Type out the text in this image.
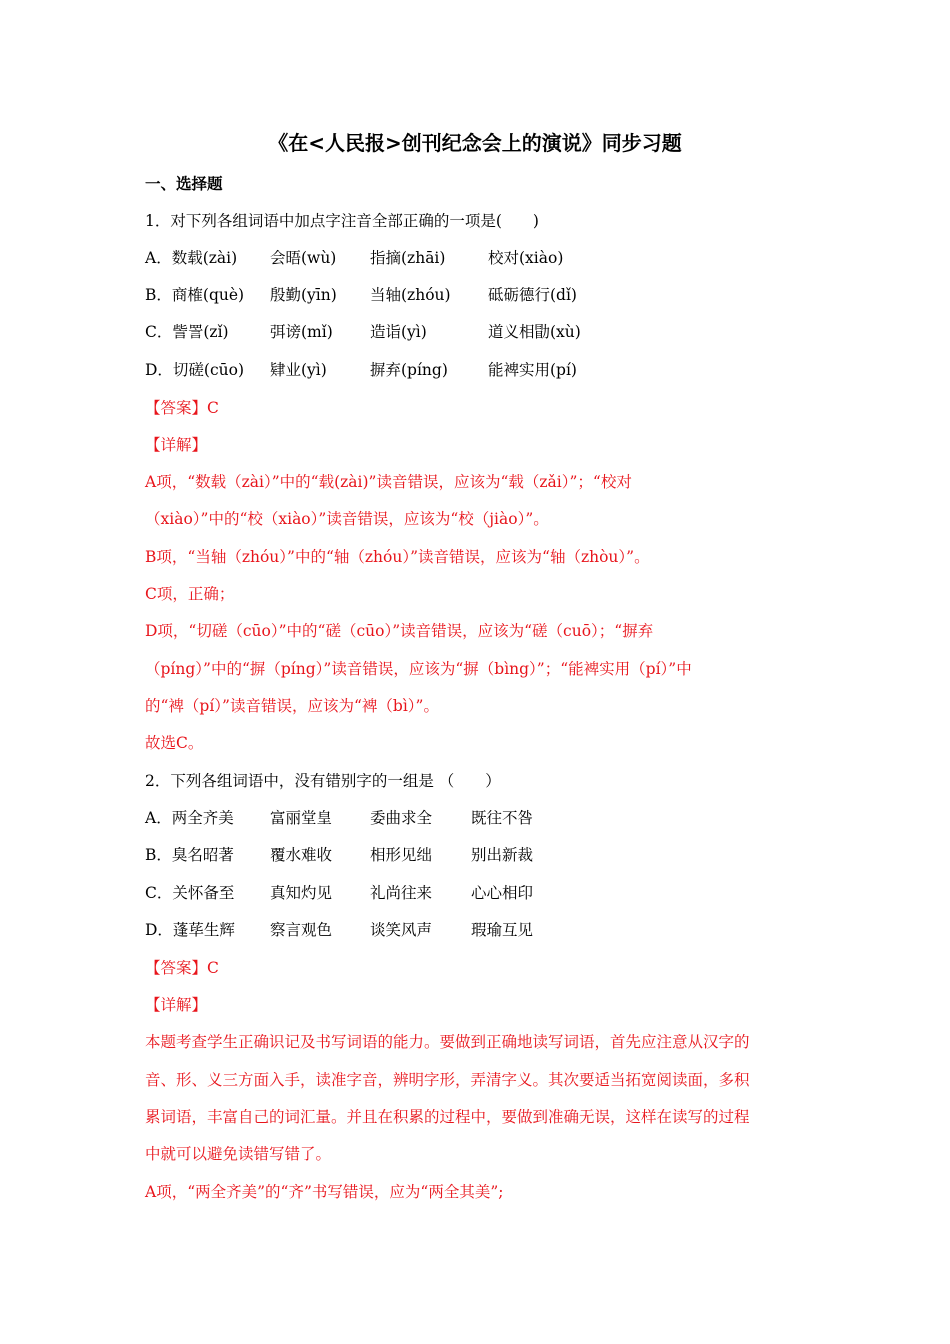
《在<人民报>创刊纪念会上的演说》同步习题
一、选择题
1．对下列各组词语中加点字注音全部正确的一项是(　　)
A．数载(zài) 会晤(wù) 指摘(zhāi)	校对(xiào)
B．商榷(què) 殷勤(yīn) 当轴(zhóu) 砥砺德行(dǐ)
C．訾詈(zǐ)	弭谤(mǐ) 造诣(yì)	道义相勖(xù)
D．切磋(cūo) 肄业(yì)	摒弃(píng)	能裨实用(pí)
【答案】C
【详解】
A项，“数载（zài）”中的“载(zài)”读音错误，应该为“载（zǎi）”；“校对
（xiào）”中的“校（xiào）”读音错误，应该为“校（jiào）”。
B项，“当轴（zhóu）”中的“轴（zhóu）”读音错误，应该为“轴（zhòu）”。
C项，正确；
D项，“切磋（cūo）”中的“磋（cūo）”读音错误，应该为“磋（cuō）；“摒弃
（píng）”中的“摒（píng）”读音错误，应该为“摒（bìng）”；“能裨实用（pí）”中
的“裨（pí）”读音错误，应该为“裨（bì）”。
故选C。
2．下列各组词语中，没有错别字的一组是 （　　）
A．两全齐美 富丽堂皇 委曲求全	既往不咎
B．臭名昭著 覆水难收 相形见绌	别出新裁
C．关怀备至 真知灼见 礼尚往来	心心相印
D．蓬荜生辉 察言观色 谈笑风声	瑕瑜互见
【答案】C
【详解】
本题考查学生正确识记及书写词语的能力。要做到正确地读写词语，首先应注意从汉字的
音、形、义三方面入手，读准字音，辨明字形，弄清字义。其次要适当拓宽阅读面，多积
累词语，丰富自己的词汇量。并且在积累的过程中，要做到准确无误，这样在读写的过程
中就可以避免读错写错了。
A项，“两全齐美”的“齐”书写错误，应为“两全其美”;
